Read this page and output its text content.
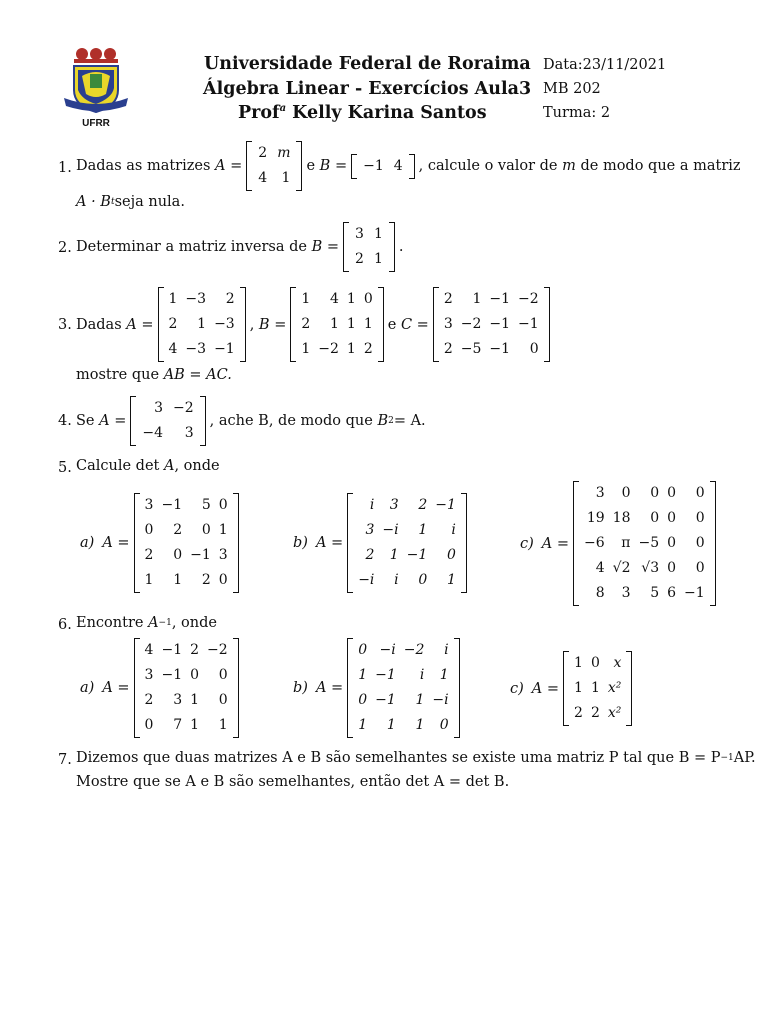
UFRR
Universidade Federal de Roraima
Álgebra Linear - Exercícios Aula3
Prof$^a$ Kelly Karina Santos
Data:23/11/2021
MB 202
Turma: 2
1. Dadas as matrizes
A
=
2 m
4	1
e
B
=	−1 4	, calcule o valor de
m
de modo que a matriz
A · B t seja nula.
2. Determinar a matriz inversa de
B
=
3 1
2 1
.
3. Dadas
A
=
1 −3	2
2	1 −3
4 −3 −1
,
B
=
1	4 1 0
2	1 1 1
1 −2 1 2
e
C
=
2	1 −1 −2
3 −2 −1 −1
2 −5 −1	0
mostre que
AB = AC.
4. Se
A
=
3 −2
−4	3
, ache B, de modo que
B 2 = A.
5. Calcule det
A , onde
a) A =
3 −1	5 0
0	2	0 1
2	0 −1 3
1	1	2 0
b) A =
i	3	2 −1
3 −i	1	i
2	1 −1	0
−i	i	0	1
c) A =
3	0	0 0	0
19 18	0 0	0
−6	π −5 0	0
4 √2 √3 0	0
8	3	5 6 −1
6. Encontre
A −1 , onde
a) A =
4 −1 2 −2
3 −1 0	0
2	3 1	0
0	7 1	1
b) A =
0 −i −2	i
1 −1	i	1
0 −1	1 −i
1	1	1	0
c) A =
1 0 x
1 1 x²
2 2 x²
7. Dizemos que duas matrizes A e B são semelhantes se existe uma matriz P tal que B = P −1 AP.
Mostre que se A e B são semelhantes, então det A = det B.
